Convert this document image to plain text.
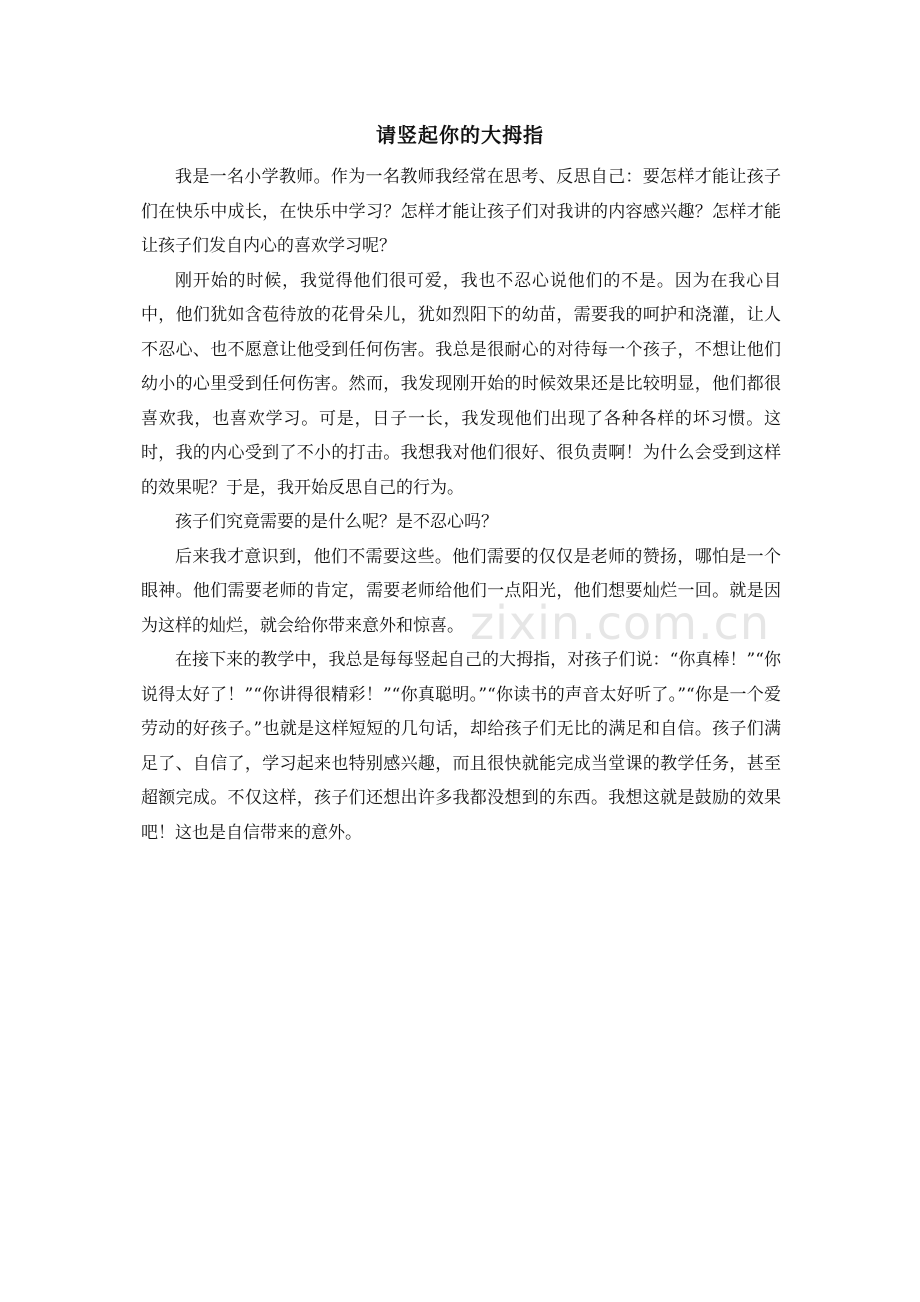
zixin.com.cn
请竖起你的大拇指

我是一名小学教师。作为一名教师我经常在思考、反思自己：要怎样才能让孩子们在快乐中成长，在快乐中学习？怎样才能让孩子们对我讲的内容感兴趣？怎样才能让孩子们发自内心的喜欢学习呢？

刚开始的时候，我觉得他们很可爱，我也不忍心说他们的不是。因为在我心目中，他们犹如含苞待放的花骨朵儿，犹如烈阳下的幼苗，需要我的呵护和浇灌，让人不忍心、也不愿意让他受到任何伤害。我总是很耐心的对待每一个孩子，不想让他们幼小的心里受到任何伤害。然而，我发现刚开始的时候效果还是比较明显，他们都很喜欢我，也喜欢学习。可是，日子一长，我发现他们出现了各种各样的坏习惯。这时，我的内心受到了不小的打击。我想我对他们很好、很负责啊！为什么会受到这样的效果呢？于是，我开始反思自己的行为。

孩子们究竟需要的是什么呢？是不忍心吗？

后来我才意识到，他们不需要这些。他们需要的仅仅是老师的赞扬，哪怕是一个眼神。他们需要老师的肯定，需要老师给他们一点阳光，他们想要灿烂一回。就是因为这样的灿烂，就会给你带来意外和惊喜。

在接下来的教学中，我总是每每竖起自己的大拇指，对孩子们说：“你真棒！”“你说得太好了！”“你讲得很精彩！”“你真聪明。”“你读书的声音太好听了。”“你是一个爱劳动的好孩子。”也就是这样短短的几句话，却给孩子们无比的满足和自信。孩子们满足了、自信了，学习起来也特别感兴趣，而且很快就能完成当堂课的教学任务，甚至超额完成。不仅这样，孩子们还想出许多我都没想到的东西。我想这就是鼓励的效果吧！这也是自信带来的意外。
